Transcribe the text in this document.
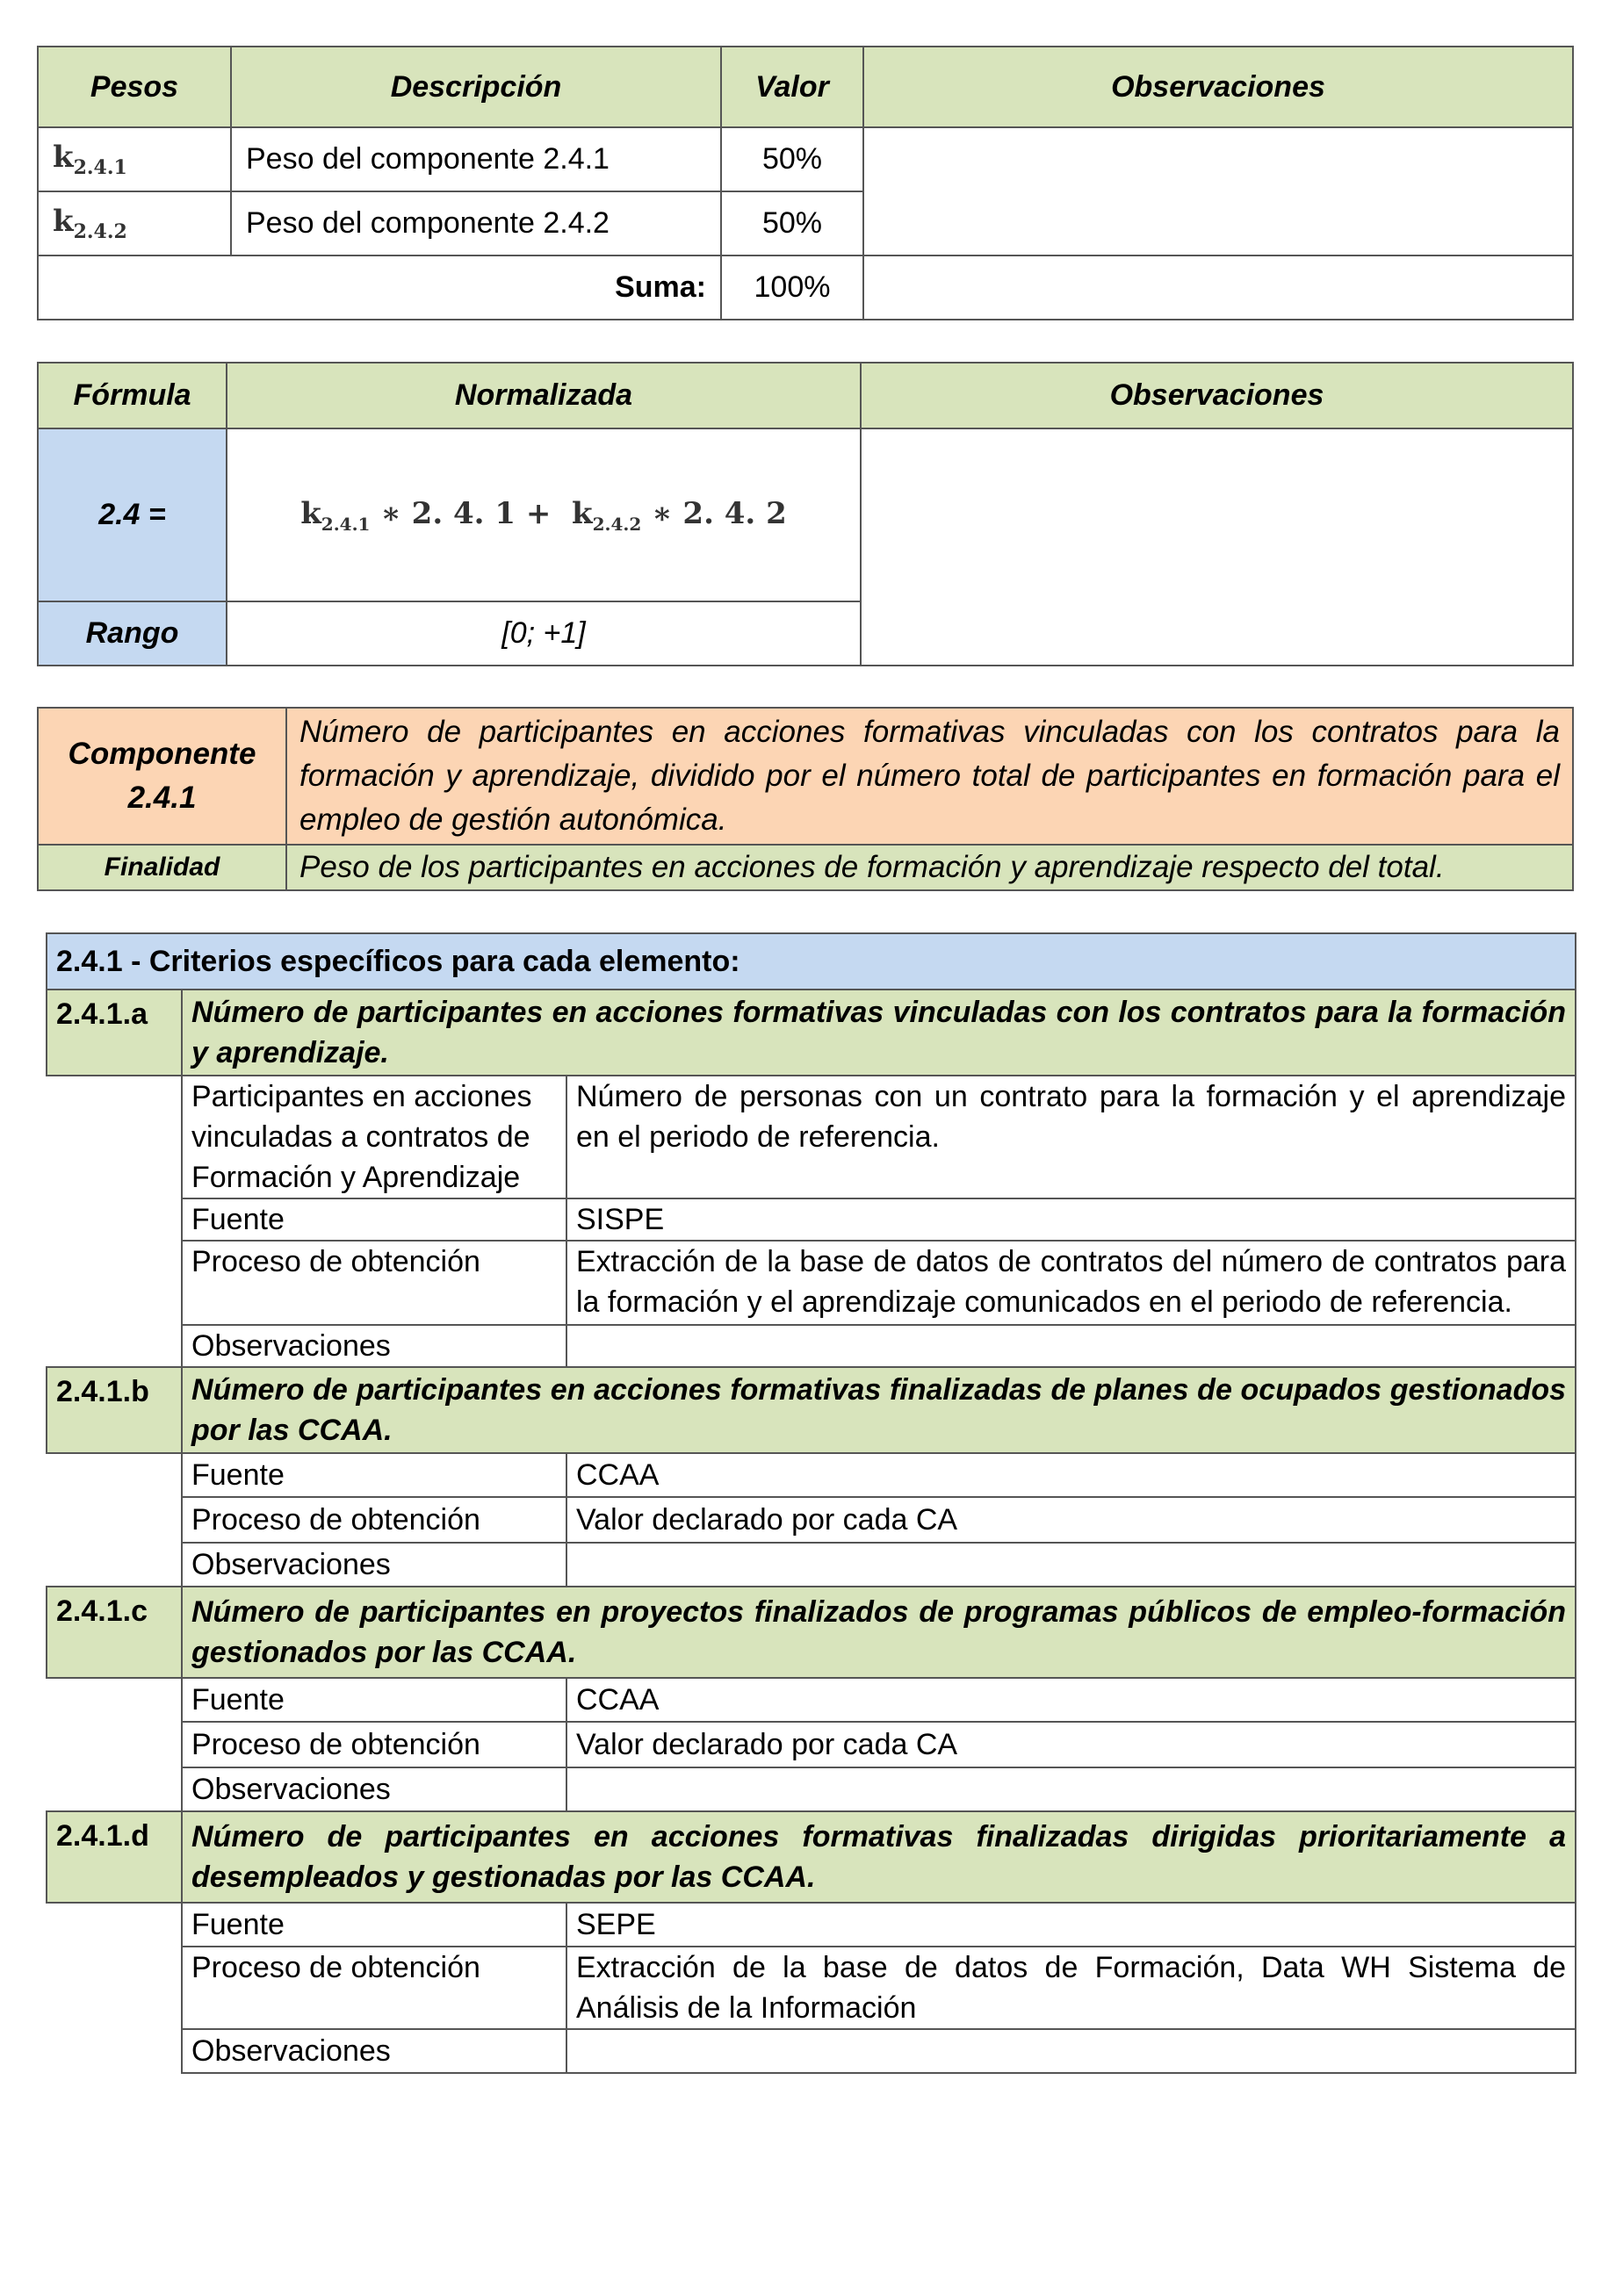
Pesos	Descripción	Valor	Observaciones
$k_{2.4.1}$	Peso del componente 2.4.1	50%	
$k_{2.4.2}$	Peso del componente 2.4.2	50%	
Suma:		100%	
Fórmula	Normalizada	Observaciones
2.4 =	$k_{2.4.1}$ ∗ 2. 4. $1 + k_{2.4.2}$ ∗ 2. 4. 2	
Rango	[0; +1]	
Componente 2.4.1	Número de participantes en acciones formativas vinculadas con los contratos para la formación y aprendizaje, dividido por el número total de participantes en formación para el empleo de gestión autonómica.
Finalidad	Peso de los participantes en acciones de formación y aprendizaje respecto del total.
2.4.1 - Criterios específicos para cada elemento:		
2.4.1.a	Número de participantes en acciones formativas vinculadas con los contratos para la formación y aprendizaje.	
	Participantes en acciones vinculadas a contratos de Formación y Aprendizaje	Número de personas con un contrato para la formación y el aprendizaje en el periodo de referencia.
	Fuente	SISPE
	Proceso de obtención	Extracción de la base de datos de contratos del número de contratos para la formación y el aprendizaje comunicados en el periodo de referencia.
	Observaciones	
2.4.1.b	Número de participantes en acciones formativas finalizadas de planes de ocupados gestionados por las CCAA.	
	Fuente	CCAA
	Proceso de obtención	Valor declarado por cada CA
	Observaciones	
2.4.1.c	Número de participantes en proyectos finalizados de programas públicos de empleo-formación gestionados por las CCAA.	
	Fuente	CCAA
	Proceso de obtención	Valor declarado por cada CA
	Observaciones	
2.4.1.d	Número de participantes en acciones formativas finalizadas dirigidas prioritariamente a desempleados y gestionadas por las CCAA.	
	Fuente	SEPE
	Proceso de obtención	Extracción de la base de datos de Formación, Data WH Sistema de Análisis de la Información
	Observaciones	
